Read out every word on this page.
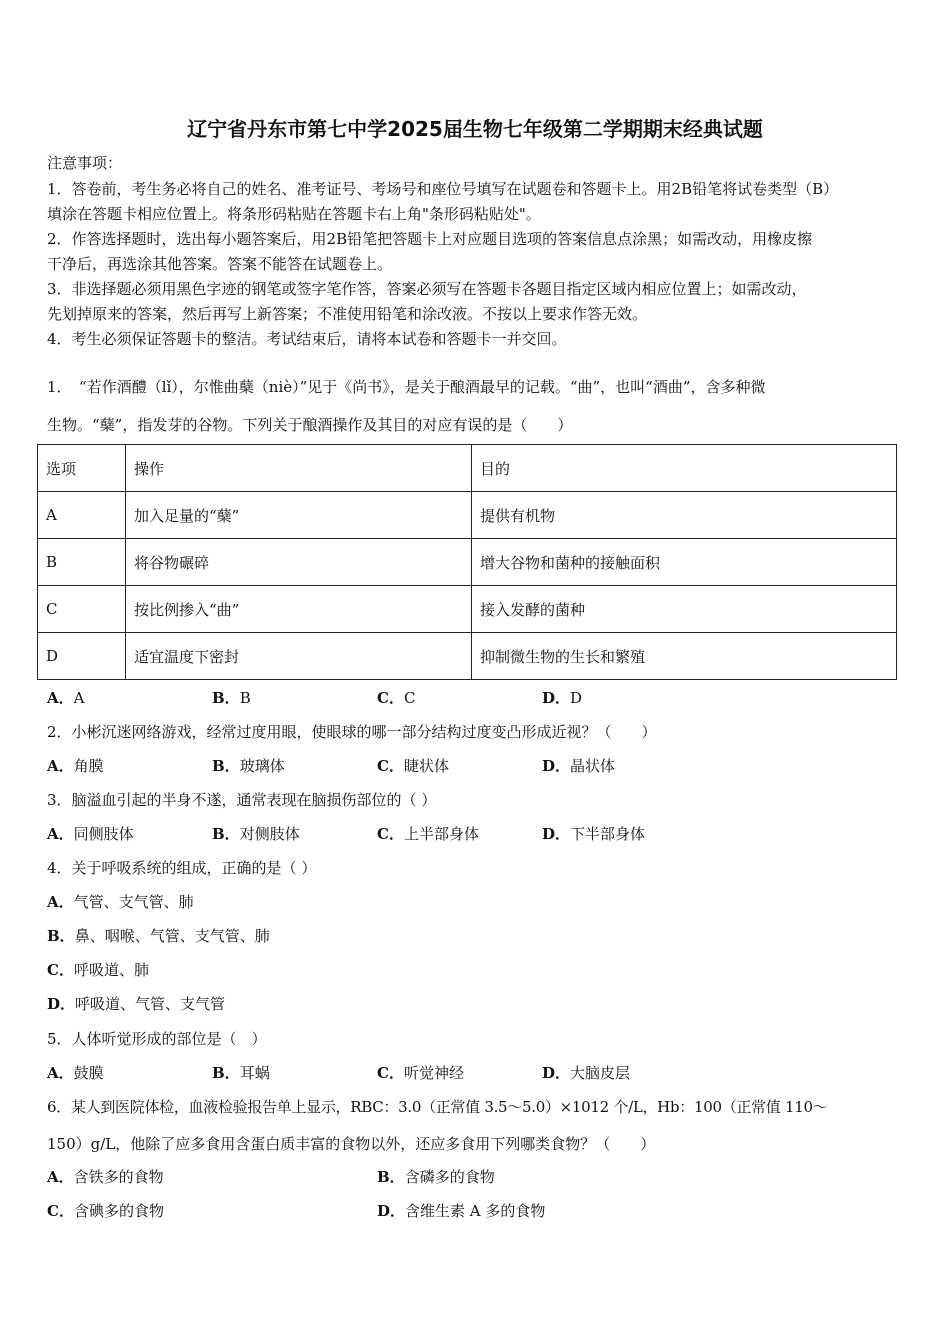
辽宁省丹东市第七中学2025届生物七年级第二学期期末经典试题
注意事项：
1．答卷前，考生务必将自己的姓名、准考证号、考场号和座位号填写在试题卷和答题卡上。用2B铅笔将试卷类型（B）
填涂在答题卡相应位置上。将条形码粘贴在答题卡右上角"条形码粘贴处"。
2．作答选择题时，选出每小题答案后，用2B铅笔把答题卡上对应题目选项的答案信息点涂黑；如需改动，用橡皮擦
干净后，再选涂其他答案。答案不能答在试题卷上。
3．非选择题必须用黑色字迹的钢笔或签字笔作答，答案必须写在答题卡各题目指定区域内相应位置上；如需改动，
先划掉原来的答案，然后再写上新答案；不准使用铅笔和涂改液。不按以上要求作答无效。
4．考生必须保证答题卡的整洁。考试结束后，请将本试卷和答题卡一并交回。
1．　“若作酒醴（lǐ），尔惟曲蘖（niè）”见于《尚书》，是关于酿酒最早的记载。“曲”，也叫“酒曲”，含多种微
生物。“蘖”，指发芽的谷物。下列关于酿酒操作及其目的对应有误的是（　　）
选项	操作	目的
A	加入足量的“蘖”	提供有机物
B	将谷物碾碎	增大谷物和菌种的接触面积
C	按比例掺入“曲”	接入发酵的菌种
D	适宜温度下密封	抑制微生物的生长和繁殖
A．A	B．B	C．C	D．D
2．小彬沉迷网络游戏，经常过度用眼，使眼球的哪一部分结构过度变凸形成近视？（　　）
A．角膜	B．玻璃体	C．睫状体	D．晶状体
3．脑溢血引起的半身不遂，通常表现在脑损伤部位的（ ）
A．同侧肢体	B．对侧肢体	C．上半部身体	D．下半部身体
4．关于呼吸系统的组成，正确的是（ ）
A．气管、支气管、肺
B．鼻、咽喉、气管、支气管、肺
C．呼吸道、肺
D．呼吸道、气管、支气管
5．人体听觉形成的部位是（　）
A．鼓膜	B．耳蜗	C．听觉神经	D．大脑皮层
6．某人到医院体检，血液检验报告单上显示，RBC：3.0（正常值 3.5～5.0）×1012 个/L，Hb：100（正常值 110～
150）g/L，他除了应多食用含蛋白质丰富的食物以外，还应多食用下列哪类食物？（　　）
A．含铁多的食物	B．含磷多的食物
C．含碘多的食物	D．含维生素 A 多的食物
